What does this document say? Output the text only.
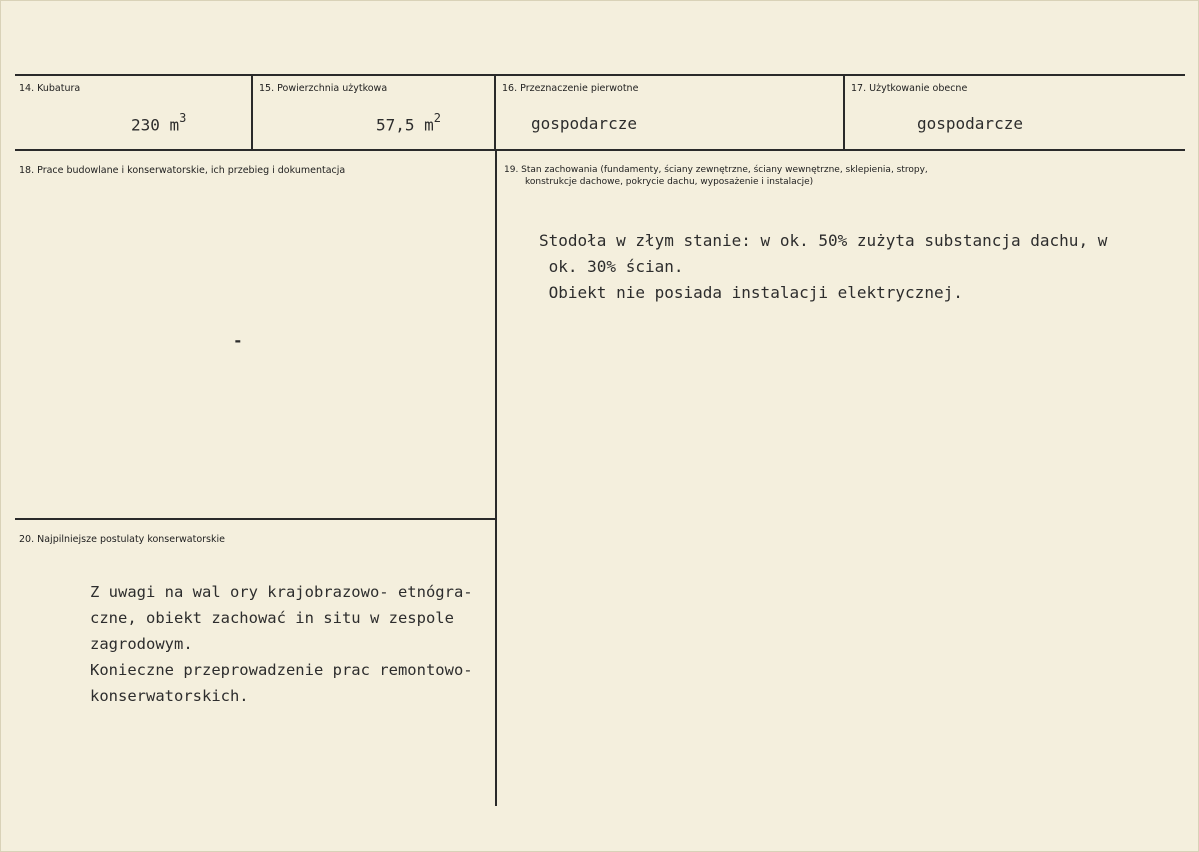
14. Kubatura
230 $m^3$
15. Powierzchnia użytkowa
57,5 $m^2$
16. Przeznaczenie pierwotne
gospodarcze
17. Użytkowanie obecne
gospodarcze
18. Prace budowlane i konserwatorskie, ich przebieg i dokumentacja
-
19. Stan zachowania (fundamenty, ściany zewnętrzne, ściany wewnętrzne, sklepienia, stropy,
konstrukcje dachowe, pokrycie dachu, wyposażenie i instalacje)
Stodoła w złym stanie: w ok. 50% zużyta substancja dachu, w
ok. 30% ścian.
Obiekt nie posiada instalacji elektrycznej.
20. Najpilniejsze postulaty konserwatorskie
Z uwagi na wal ory krajobrazowo- etnógra-
czne, obiekt zachować in situ w zespole
zagrodowym.
Konieczne przeprowadzenie prac remontowo-
konserwatorskich.
